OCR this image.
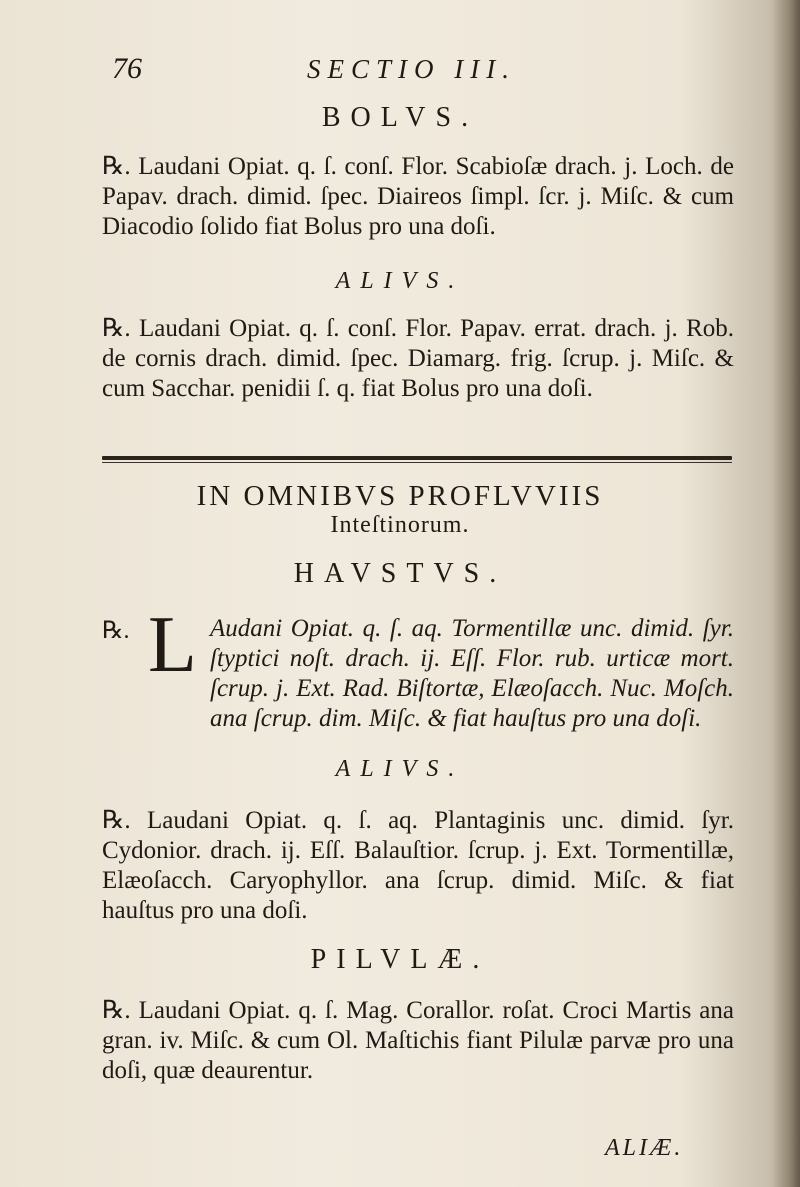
76	SECTIO III.
BOLVS.
℞. Laudani Opiat. q. ſ. conſ. Flor. Scabioſæ drach. j. Loch. de Papav. drach. dimid. ſpec. Diaireos ſimpl. ſcr. j. Miſc. & cum Diacodio ſolido fiat Bolus pro una doſi.
ALIVS.
℞. Laudani Opiat. q. ſ. conſ. Flor. Papav. errat. drach. j. Rob. de cornis drach. dimid. ſpec. Diamarg. frig. ſcrup. j. Miſc. & cum Sacchar. penidii ſ. q. fiat Bolus pro una doſi.
IN OMNIBVS PROFLVVIIS
Inteſtinorum.
HAVSTVS.
℞. L Audani Opiat. q. ſ. aq. Tormentillæ unc. dimid. ſyr. ſtyptici noſt. drach. ij. Eſſ. Flor. rub. urticæ mort. ſcrup. j. Ext. Rad. Biſtortæ, Elæoſacch. Nuc. Moſch. ana ſcrup. dim. Miſc. & fiat hauſtus pro una doſi.
ALIVS.
℞. Laudani Opiat. q. ſ. aq. Plantaginis unc. dimid. ſyr. Cydonior. drach. ij. Eſſ. Balauſtior. ſcrup. j. Ext. Tormentillæ, Elæoſacch. Caryophyllor. ana ſcrup. dimid. Miſc. & fiat hauſtus pro una doſi.
PILVLÆ.
℞. Laudani Opiat. q. ſ. Mag. Corallor. roſat. Croci Martis ana gran. iv. Miſc. & cum Ol. Maſtichis fiant Pilulæ parvæ pro una doſi, quæ deaurentur.
ALIÆ.
